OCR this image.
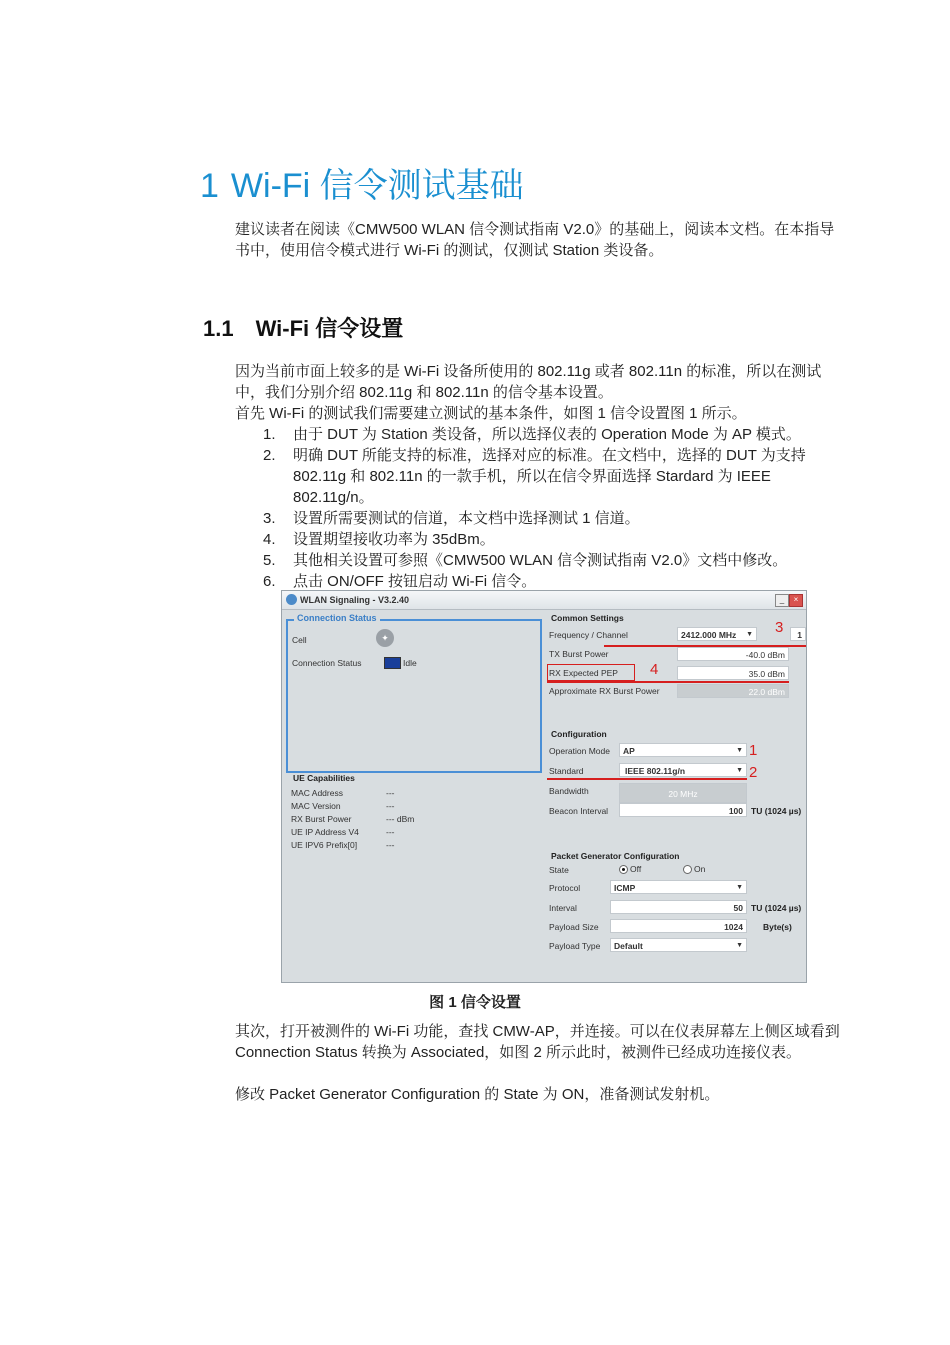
1 Wi-Fi 信令测试基础
建议读者在阅读《CMW500 WLAN 信令测试指南 V2.0》的基础上，阅读本文档。在本指导书中，使用信令模式进行 Wi-Fi 的测试，仅测试 Station 类设备。
1.1 Wi-Fi 信令设置
因为当前市面上较多的是 Wi-Fi 设备所使用的 802.11g 或者 802.11n 的标准，所以在测试中，我们分别介绍 802.11g 和 802.11n 的信令基本设置。
首先 Wi-Fi 的测试我们需要建立测试的基本条件，如图 1 信令设置图 1 所示。
1. 由于 DUT 为 Station 类设备，所以选择仪表的 Operation Mode 为 AP 模式。
2. 明确 DUT 所能支持的标准，选择对应的标准。在文档中，选择的 DUT 为支持 802.11g 和 802.11n 的一款手机，所以在信令界面选择 Stardard 为 IEEE 802.11g/n。
3. 设置所需要测试的信道，本文档中选择测试 1 信道。
4. 设置期望接收功率为 35dBm。
5. 其他相关设置可参照《CMW500 WLAN 信令测试指南 V2.0》文档中修改。
6. 点击 ON/OFF 按钮启动 Wi-Fi 信令。
WLAN Signaling - V3.2.40	_	×
Connection Status
Cell	✦
Connection Status	Idle
UE Capabilities
MAC Address	---
MAC Version	---
RX Burst Power	--- dBm
UE IP Address V4	---
UE IPV6 Prefix[0]	---
Common Settings
Frequency / Channel	2412.000 MHz ▼	1
3
TX Burst Power	-40.0 dBm
RX Expected PEP 4	35.0 dBm
Approximate RX Burst Power	22.0 dBm
Configuration
Operation Mode	AP	▼ 1
Standard	IEEE 802.11g/n	▼ 2
Bandwidth	20 MHz
Beacon Interval	100 TU (1024 µs)
Packet Generator Configuration
State	Off	On
Protocol	ICMP	▼
Interval	50 TU (1024 µs)
Payload Size	1024	Byte(s)
Payload Type	Default	▼
图 1 信令设置
其次，打开被测件的 Wi-Fi 功能，查找 CMW-AP，并连接。可以在仪表屏幕左上侧区域看到 Connection Status 转换为 Associated，如图 2 所示此时，被测件已经成功连接仪表。
修改 Packet Generator Configuration 的 State 为 ON，准备测试发射机。
